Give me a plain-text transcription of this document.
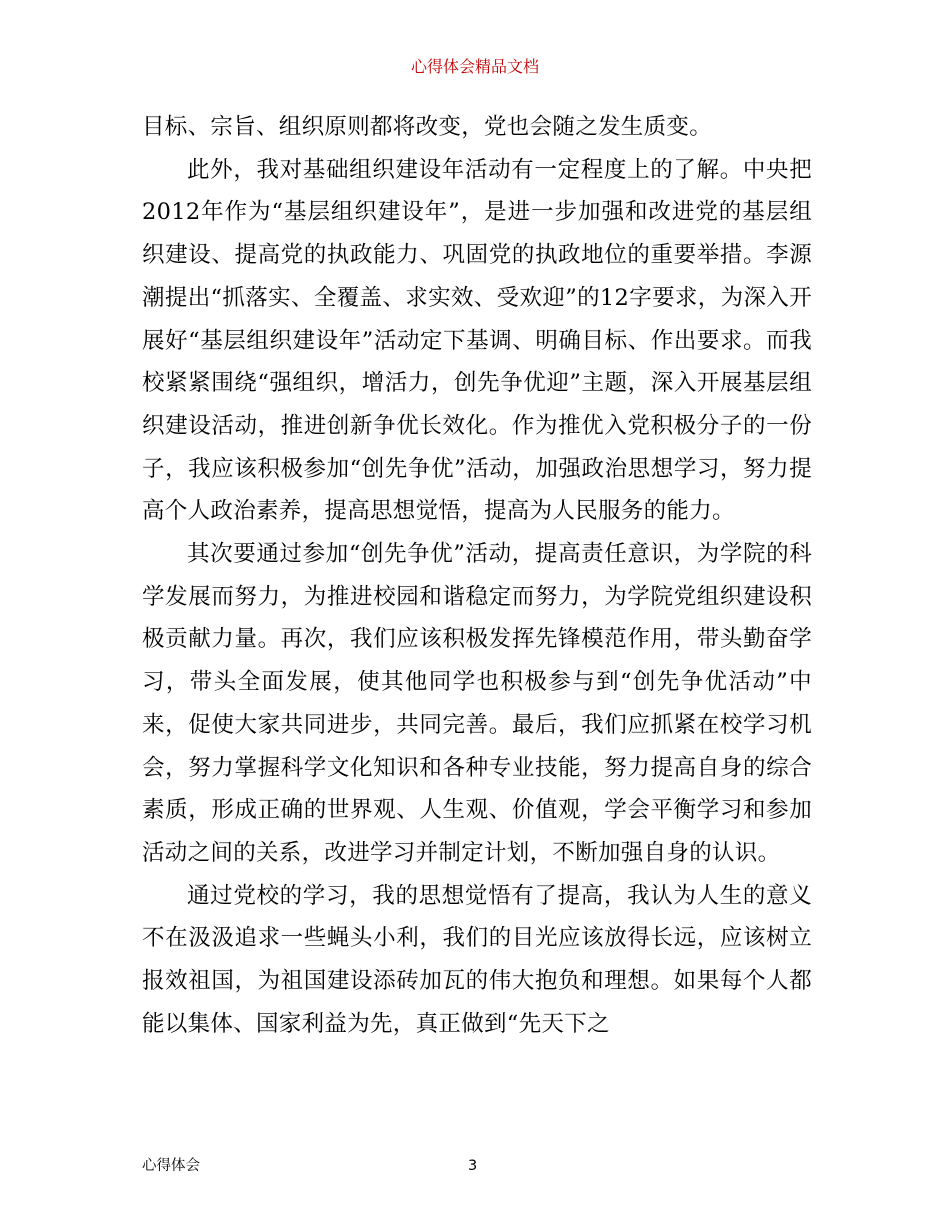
心得体会精品文档

目标、宗旨、组织原则都将改变，党也会随之发生质变。

此外，我对基础组织建设年活动有一定程度上的了解。中央把2012年作为“基层组织建设年”，是进一步加强和改进党的基层组织建设、提高党的执政能力、巩固党的执政地位的重要举措。李源潮提出“抓落实、全覆盖、求实效、受欢迎”的12字要求，为深入开展好“基层组织建设年”活动定下基调、明确目标、作出要求。而我校紧紧围绕“强组织，增活力，创先争优迎”主题，深入开展基层组织建设活动，推进创新争优长效化。作为推优入党积极分子的一份子，我应该积极参加“创先争优”活动，加强政治思想学习，努力提高个人政治素养，提高思想觉悟，提高为人民服务的能力。

其次要通过参加“创先争优”活动，提高责任意识，为学院的科学发展而努力，为推进校园和谐稳定而努力，为学院党组织建设积极贡献力量。再次，我们应该积极发挥先锋模范作用，带头勤奋学习，带头全面发展，使其他同学也积极参与到“创先争优活动”中来，促使大家共同进步，共同完善。最后，我们应抓紧在校学习机会，努力掌握科学文化知识和各种专业技能，努力提高自身的综合素质，形成正确的世界观、人生观、价值观，学会平衡学习和参加活动之间的关系，改进学习并制定计划，不断加强自身的认识。

通过党校的学习，我的思想觉悟有了提高，我认为人生的意义不在汲汲追求一些蝇头小利，我们的目光应该放得长远，应该树立报效祖国，为祖国建设添砖加瓦的伟大抱负和理想。如果每个人都能以集体、国家利益为先，真正做到“先天下之

心得体会	3
